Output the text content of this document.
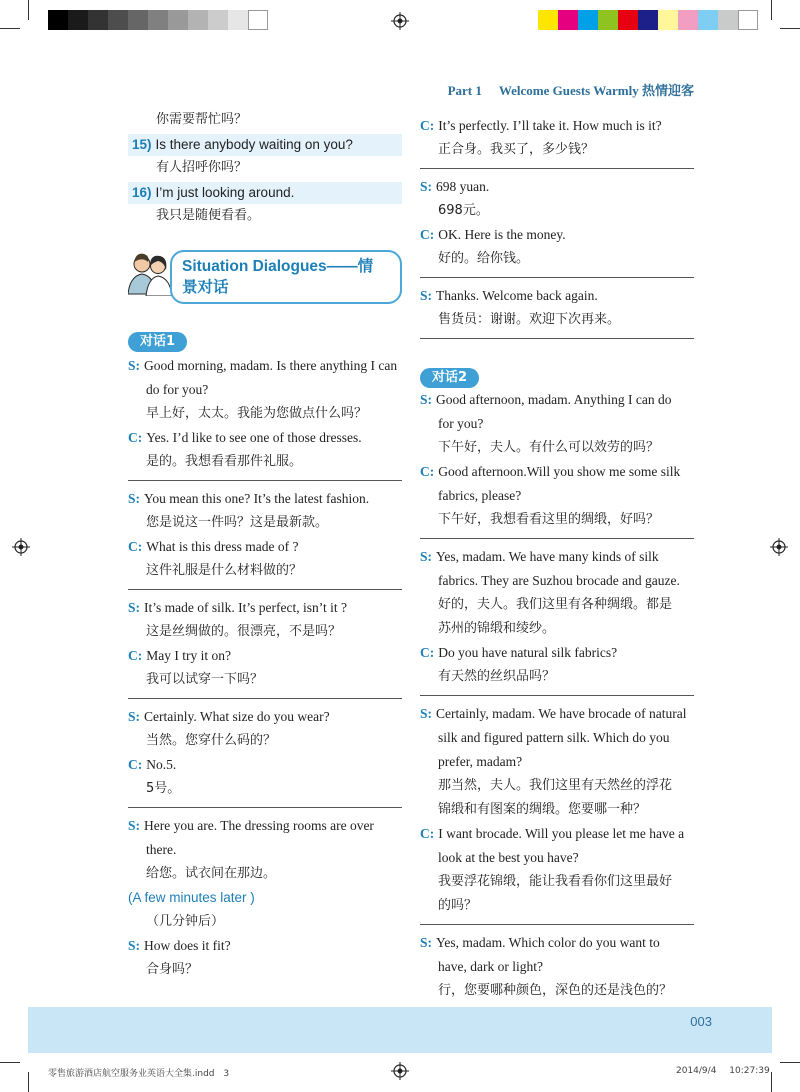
Part 1 Welcome Guests Warmly 热情迎客
你需要帮忙吗？
15) Is there anybody waiting on you?
有人招呼你吗？
16) I’m just looking around.
我只是随便看看。
Situation Dialogues——情
景对话
对话1
S: Good morning, madam. Is there anything I can
do for you?
早上好，太太。我能为您做点什么吗？
C: Yes. I’d like to see one of those dresses.
是的。我想看看那件礼服。
S: You mean this one? It’s the latest fashion.
您是说这一件吗？这是最新款。
C: What is this dress made of ?
这件礼服是什么材料做的？
S: It’s made of silk. It’s perfect, isn’t it ?
这是丝绸做的。很漂亮，不是吗？
C: May I try it on?
我可以试穿一下吗？
S: Certainly. What size do you wear?
当然。您穿什么码的？
C: No.5.
5号。
S: Here you are. The dressing rooms are over
there.
给您。试衣间在那边。
(A few minutes later )
（几分钟后）
S: How does it fit?
合身吗？
C: It’s perfectly. I’ll take it. How much is it?
正合身。我买了，多少钱？
S: 698 yuan.
698元。
C: OK. Here is the money.
好的。给你钱。
S: Thanks. Welcome back again.
售货员：谢谢。欢迎下次再来。
对话2
S: Good afternoon, madam. Anything I can do
for you?
下午好，夫人。有什么可以效劳的吗？
C: Good afternoon.Will you show me some silk
fabrics, please?
下午好，我想看看这里的绸缎，好吗？
S: Yes, madam. We have many kinds of silk
fabrics. They are Suzhou brocade and gauze.
好的，夫人。我们这里有各种绸缎。都是
苏州的锦缎和绫纱。
C: Do you have natural silk fabrics?
有天然的丝织品吗？
S: Certainly, madam. We have brocade of natural
silk and figured pattern silk. Which do you
prefer, madam?
那当然，夫人。我们这里有天然丝的浮花
锦缎和有图案的绸缎。您要哪一种？
C: I want brocade. Will you please let me have a
look at the best you have?
我要浮花锦缎，能让我看看你们这里最好
的吗？
S: Yes, madam. Which color do you want to
have, dark or light?
行，您要哪种颜色，深色的还是浅色的？
003
零售旅游酒店航空服务业英语大全集.indd 3	2014/9/4 10:27:39
